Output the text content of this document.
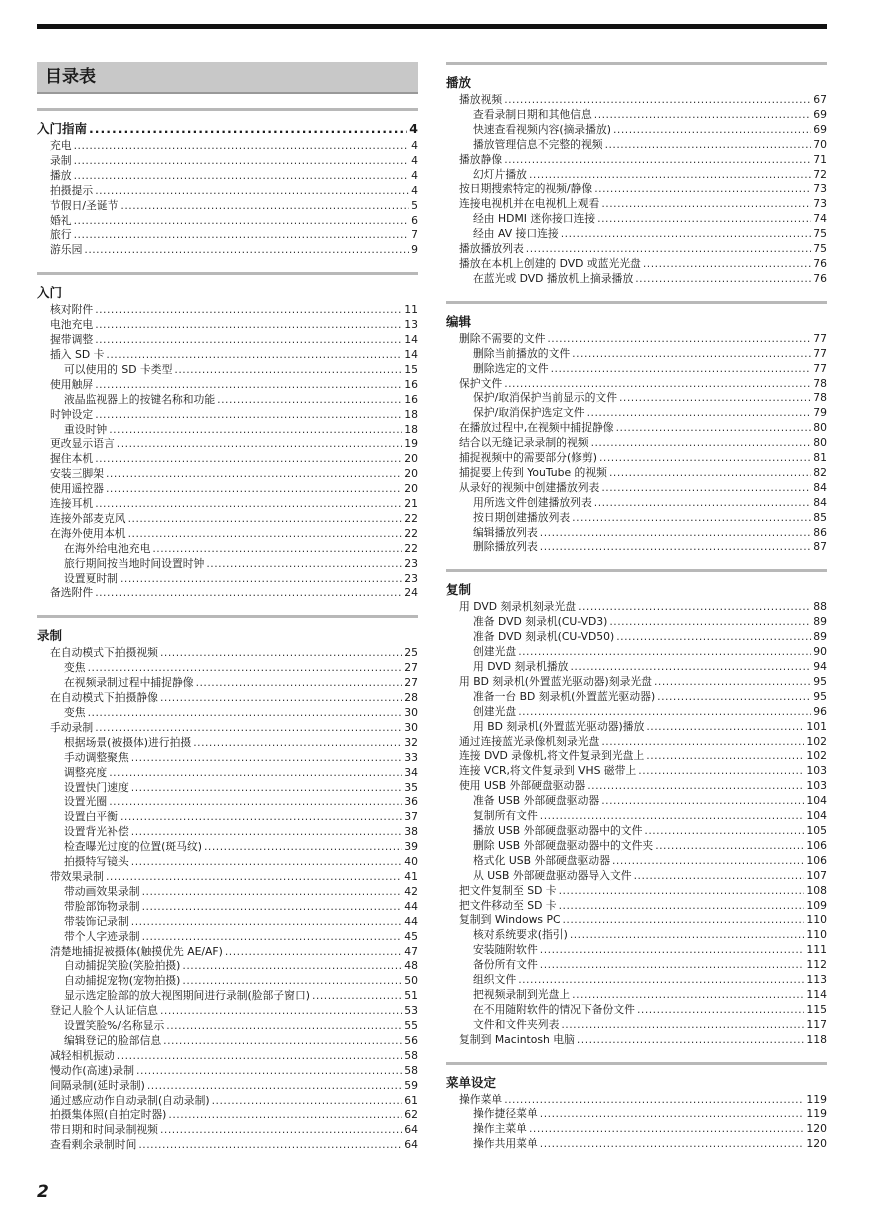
目录表
入门指南 .....	4
充电 .....	4
录制 .....	4
播放 .....	4
拍摄提示 .....	4
节假日/圣诞节 .....	5
婚礼 .....	6
旅行 .....	7
游乐园 .....	9
入门
核对附件 .....	11
电池充电 .....	13
握带调整 .....	14
插入 SD 卡 .....	14
可以使用的 SD 卡类型 .....	15
使用触屏 .....	16
液晶监视器上的按键名称和功能 .....	16
时钟设定 .....	18
重设时钟 .....	18
更改显示语言 .....	19
握住本机 .....	20
安装三脚架 .....	20
使用遥控器 .....	20
连接耳机 .....	21
连接外部麦克风 .....	22
在海外使用本机 .....	22
在海外给电池充电 .....	22
旅行期间按当地时间设置时钟 .....	23
设置夏时制 .....	23
备选附件 .....	24
录制
在自动模式下拍摄视频 .....	25
变焦 .....	27
在视频录制过程中捕捉静像 .....	27
在自动模式下拍摄静像 .....	28
变焦 .....	30
手动录制 .....	30
根据场景(被摄体)进行拍摄 .....	32
手动调整聚焦 .....	33
调整亮度 .....	34
设置快门速度 .....	35
设置光圈 .....	36
设置白平衡 .....	37
设置背光补偿 .....	38
检查曝光过度的位置(斑马纹) .....	39
拍摄特写镜头 .....	40
带效果录制 .....	41
带动画效果录制 .....	42
带脸部饰物录制 .....	44
带装饰记录制 .....	44
带个人字迹录制 .....	45
清楚地捕捉被摄体(触摸优先 AE/AF) .....	47
自动捕捉笑脸(笑脸拍摄) .....	48
自动捕捉宠物(宠物拍摄) .....	50
显示选定脸部的放大视图期间进行录制(脸部子窗口) .....	51
登记人脸个人认证信息 .....	53
设置笑脸%/名称显示 .....	55
编辑登记的脸部信息 .....	56
减轻相机振动 .....	58
慢动作(高速)录制 .....	58
间隔录制(延时录制) .....	59
通过感应动作自动录制(自动录制) .....	61
拍摄集体照(自拍定时器) .....	62
带日期和时间录制视频 .....	64
查看剩余录制时间 .....	64
播放
播放视频 .....	67
查看录制日期和其他信息 .....	69
快速查看视频内容(摘录播放) .....	69
播放管理信息不完整的视频 .....	70
播放静像 .....	71
幻灯片播放 .....	72
按日期搜索特定的视频/静像 .....	73
连接电视机并在电视机上观看 .....	73
经由 HDMI 迷你接口连接 .....	74
经由 AV 接口连接 .....	75
播放播放列表 .....	75
播放在本机上创建的 DVD 或蓝光光盘 .....	76
在蓝光或 DVD 播放机上摘录播放 .....	76
编辑
删除不需要的文件 .....	77
删除当前播放的文件 .....	77
删除选定的文件 .....	77
保护文件 .....	78
保护/取消保护当前显示的文件 .....	78
保护/取消保护选定文件 .....	79
在播放过程中,在视频中捕捉静像 .....	80
结合以无缝记录录制的视频 .....	80
捕捉视频中的需要部分(修剪) .....	81
捕捉要上传到 YouTube 的视频 .....	82
从录好的视频中创建播放列表 .....	84
用所选文件创建播放列表 .....	84
按日期创建播放列表 .....	85
编辑播放列表 .....	86
删除播放列表 .....	87
复制
用 DVD 刻录机刻录光盘 .....	88
准备 DVD 刻录机(CU-VD3) .....	89
准备 DVD 刻录机(CU-VD50) .....	89
创建光盘 .....	90
用 DVD 刻录机播放 .....	94
用 BD 刻录机(外置蓝光驱动器)刻录光盘 .....	95
准备一台 BD 刻录机(外置蓝光驱动器) .....	95
创建光盘 .....	96
用 BD 刻录机(外置蓝光驱动器)播放 .....	101
通过连接蓝光录像机刻录光盘 .....	102
连接 DVD 录像机,将文件复录到光盘上 .....	102
连接 VCR,将文件复录到 VHS 磁带上 .....	103
使用 USB 外部硬盘驱动器 .....	103
准备 USB 外部硬盘驱动器 .....	104
复制所有文件 .....	104
播放 USB 外部硬盘驱动器中的文件 .....	105
删除 USB 外部硬盘驱动器中的文件夹 .....	106
格式化 USB 外部硬盘驱动器 .....	106
从 USB 外部硬盘驱动器导入文件 .....	107
把文件复制至 SD 卡 .....	108
把文件移动至 SD 卡 .....	109
复制到 Windows PC .....	110
核对系统要求(指引) .....	110
安装随附软件 .....	111
备份所有文件 .....	112
组织文件 .....	113
把视频录制到光盘上 .....	114
在不用随附软件的情况下备份文件 .....	115
文件和文件夹列表 .....	117
复制到 Macintosh 电脑 .....	118
菜单设定
操作菜单 .....	119
操作捷径菜单 .....	119
操作主菜单 .....	120
操作共用菜单 .....	120
2
